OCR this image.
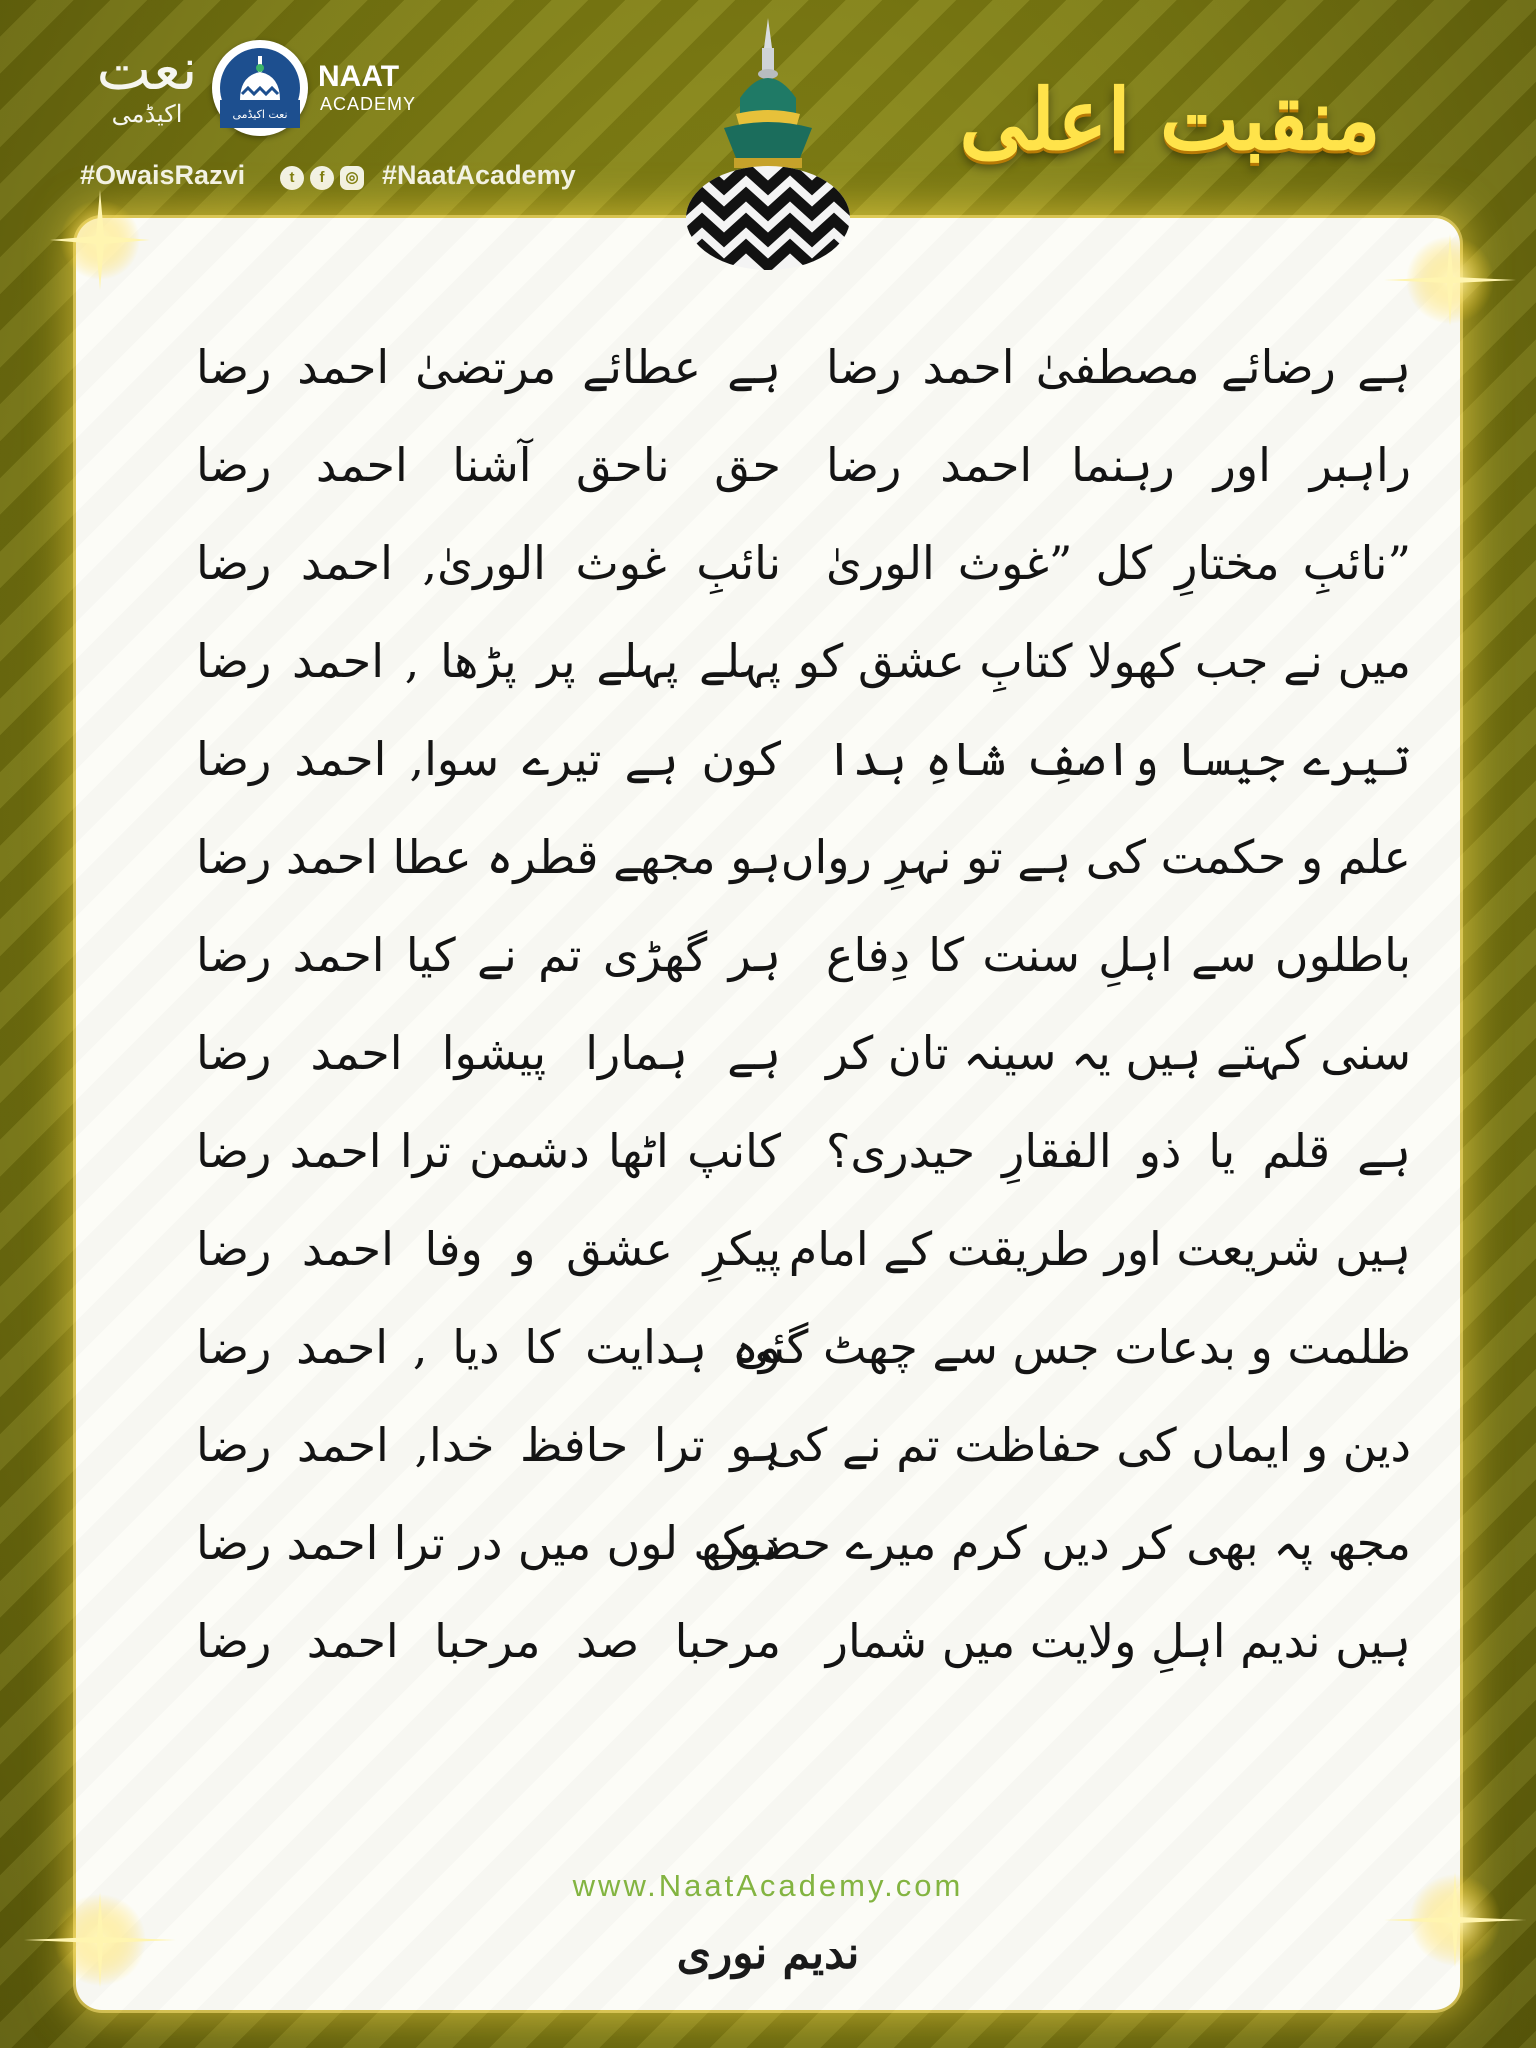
نعت
اکیڈمی	نعت اکیڈمی
NAAT
ACADEMY
#OwaisRazvi	t	f	◎ #NaatAcademy
منقبت اعلی
ہے رضائے مصطفیٰ احمد رضا
راہبر اور رہنما احمد رضا
”نائبِ مختارِ کل ”غوث الوریٰ
میں نے جب کھولا کتابِ عشق کو
تیرے جیسا واصفِ شاہِ ہدا
علم و حکمت کی ہے تو نہرِ رواں
باطلوں سے اہلِ سنت کا دِفاع
سنی کہتے ہیں یہ سینہ تان کر
ہے قلم یا ذو الفقارِ حیدری؟
ہیں شریعت اور طریقت کے امام
ظلمت و بدعات جس سے چھٹ گئی
دین و ایماں کی حفاظت تم نے کی
مجھ پہ بھی کر دیں کرم میرے حضور
ہیں ندیم اہلِ ولایت میں شمار
ہے عطائے مرتضیٰ احمد رضا
حق ناحق آشنا احمد رضا
نائبِ غوث الوریٰ, احمد رضا
پہلے پہلے پر پڑھا , احمد رضا
کون ہے تیرے سوا, احمد رضا
ہو مجھے قطرہ عطا احمد رضا
ہر گھڑی تم نے کیا احمد رضا
ہے ہمارا پیشوا احمد رضا
کانپ اٹھا دشمن ترا احمد رضا
پیکرِ عشق و وفا احمد رضا
وہ ہدایت کا دیا , احمد رضا
ہو ترا حافظ خدا, احمد رضا
دیکھ لوں میں در ترا احمد رضا
مرحبا صد مرحبا احمد رضا
www.NaatAcademy.com
ندیم نوری
